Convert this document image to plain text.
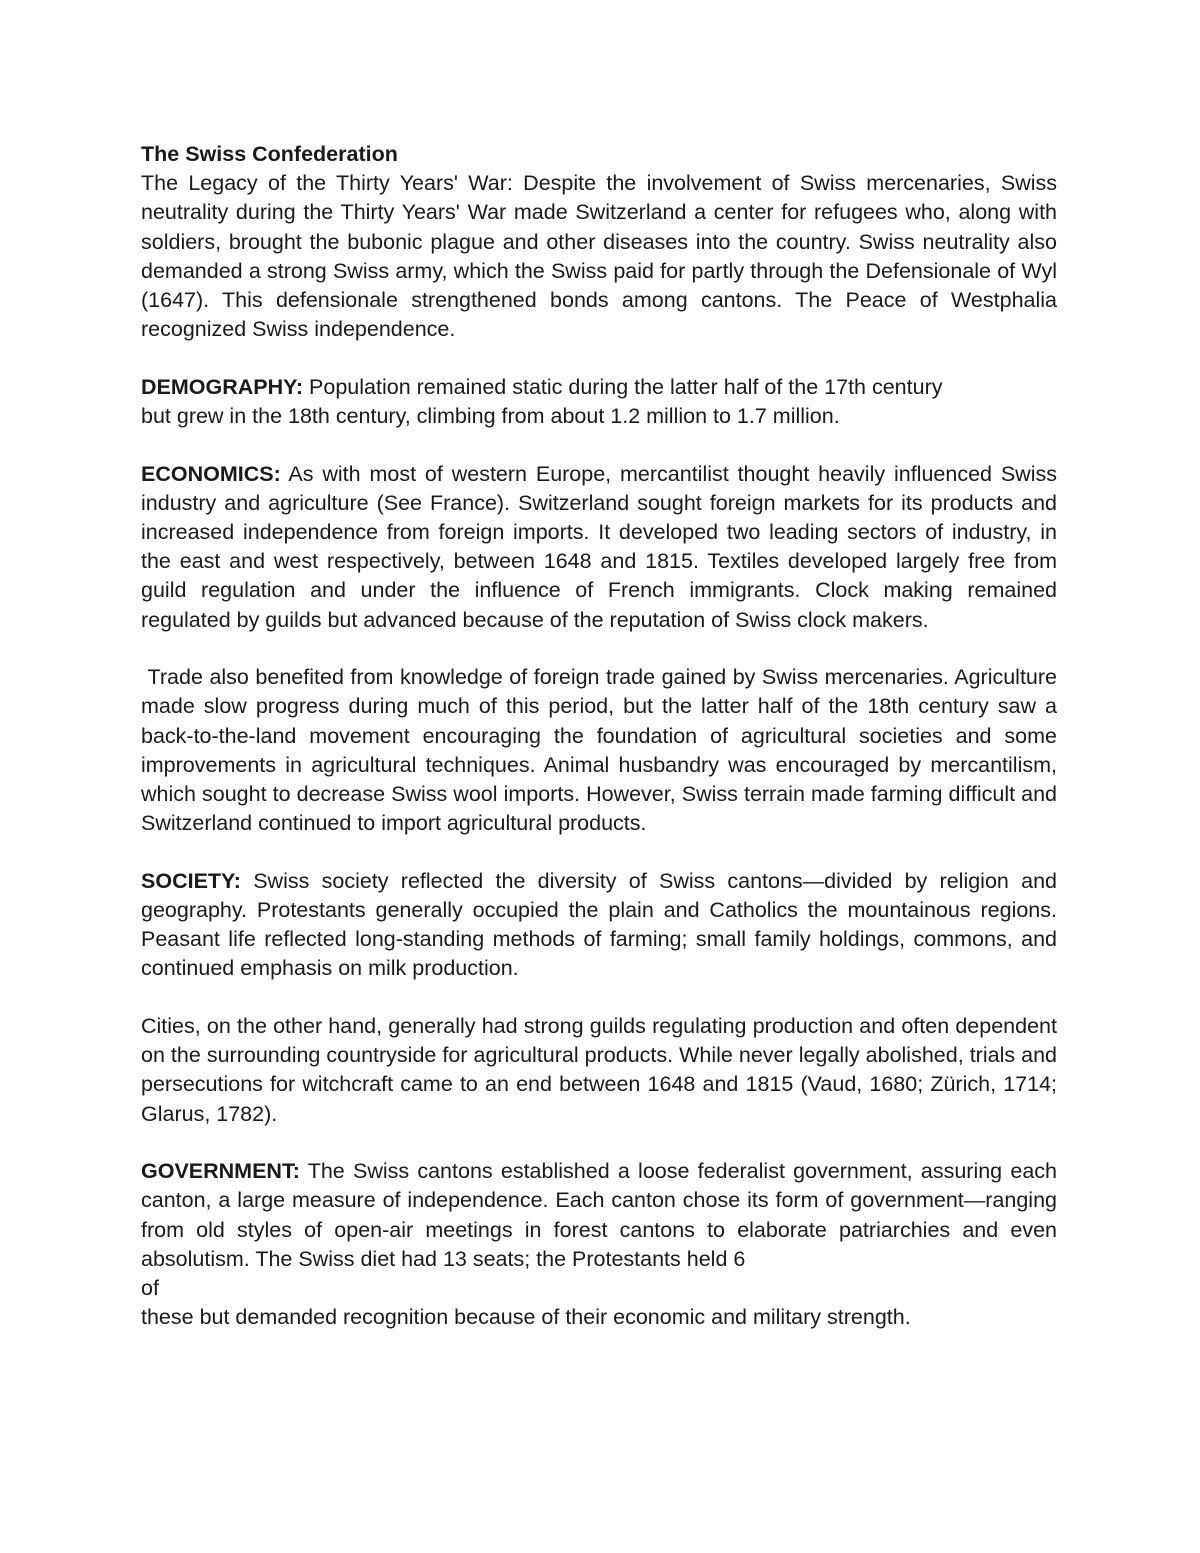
The Swiss Confederation

The Legacy of the Thirty Years' War: Despite the involvement of Swiss mercenaries, Swiss neutrality during the Thirty Years' War made Switzerland a center for refugees who, along with soldiers, brought the bubonic plague and other diseases into the country. Swiss neutrality also demanded a strong Swiss army, which the Swiss paid for partly through the Defensionale of Wyl (1647). This defensionale strengthened bonds among cantons. The Peace of Westphalia recognized Swiss independence.

DEMOGRAPHY: Population remained static during the latter half of the 17th century
but grew in the 18th century, climbing from about 1.2 million to 1.7 million.

ECONOMICS: As with most of western Europe, mercantilist thought heavily influenced Swiss industry and agriculture (See France). Switzerland sought foreign markets for its products and increased independence from foreign imports. It developed two leading sectors of industry, in the east and west respectively, between 1648 and 1815. Textiles developed largely free from guild regulation and under the influence of French immigrants. Clock making remained regulated by guilds but advanced because of the reputation of Swiss clock makers.

Trade also benefited from knowledge of foreign trade gained by Swiss mercenaries. Agriculture made slow progress during much of this period, but the latter half of the 18th century saw a back-to-the-land movement encouraging the foundation of agricultural societies and some improvements in agricultural techniques. Animal husbandry was encouraged by mercantilism, which sought to decrease Swiss wool imports. However, Swiss terrain made farming difficult and Switzerland continued to import agricultural products.

SOCIETY: Swiss society reflected the diversity of Swiss cantons—divided by religion and geography. Protestants generally occupied the plain and Catholics the mountainous regions. Peasant life reflected long-standing methods of farming; small family holdings, commons, and continued emphasis on milk production.

Cities, on the other hand, generally had strong guilds regulating production and often dependent on the surrounding countryside for agricultural products. While never legally abolished, trials and persecutions for witchcraft came to an end between 1648 and 1815 (Vaud, 1680; Zürich, 1714; Glarus, 1782).

GOVERNMENT: The Swiss cantons established a loose federalist government, assuring each canton, a large measure of independence. Each canton chose its form of government—ranging from old styles of open-air meetings in forest cantons to elaborate patriarchies and even absolutism. The Swiss diet had 13 seats; the Protestants held 6

of

these but demanded recognition because of their economic and military strength.
